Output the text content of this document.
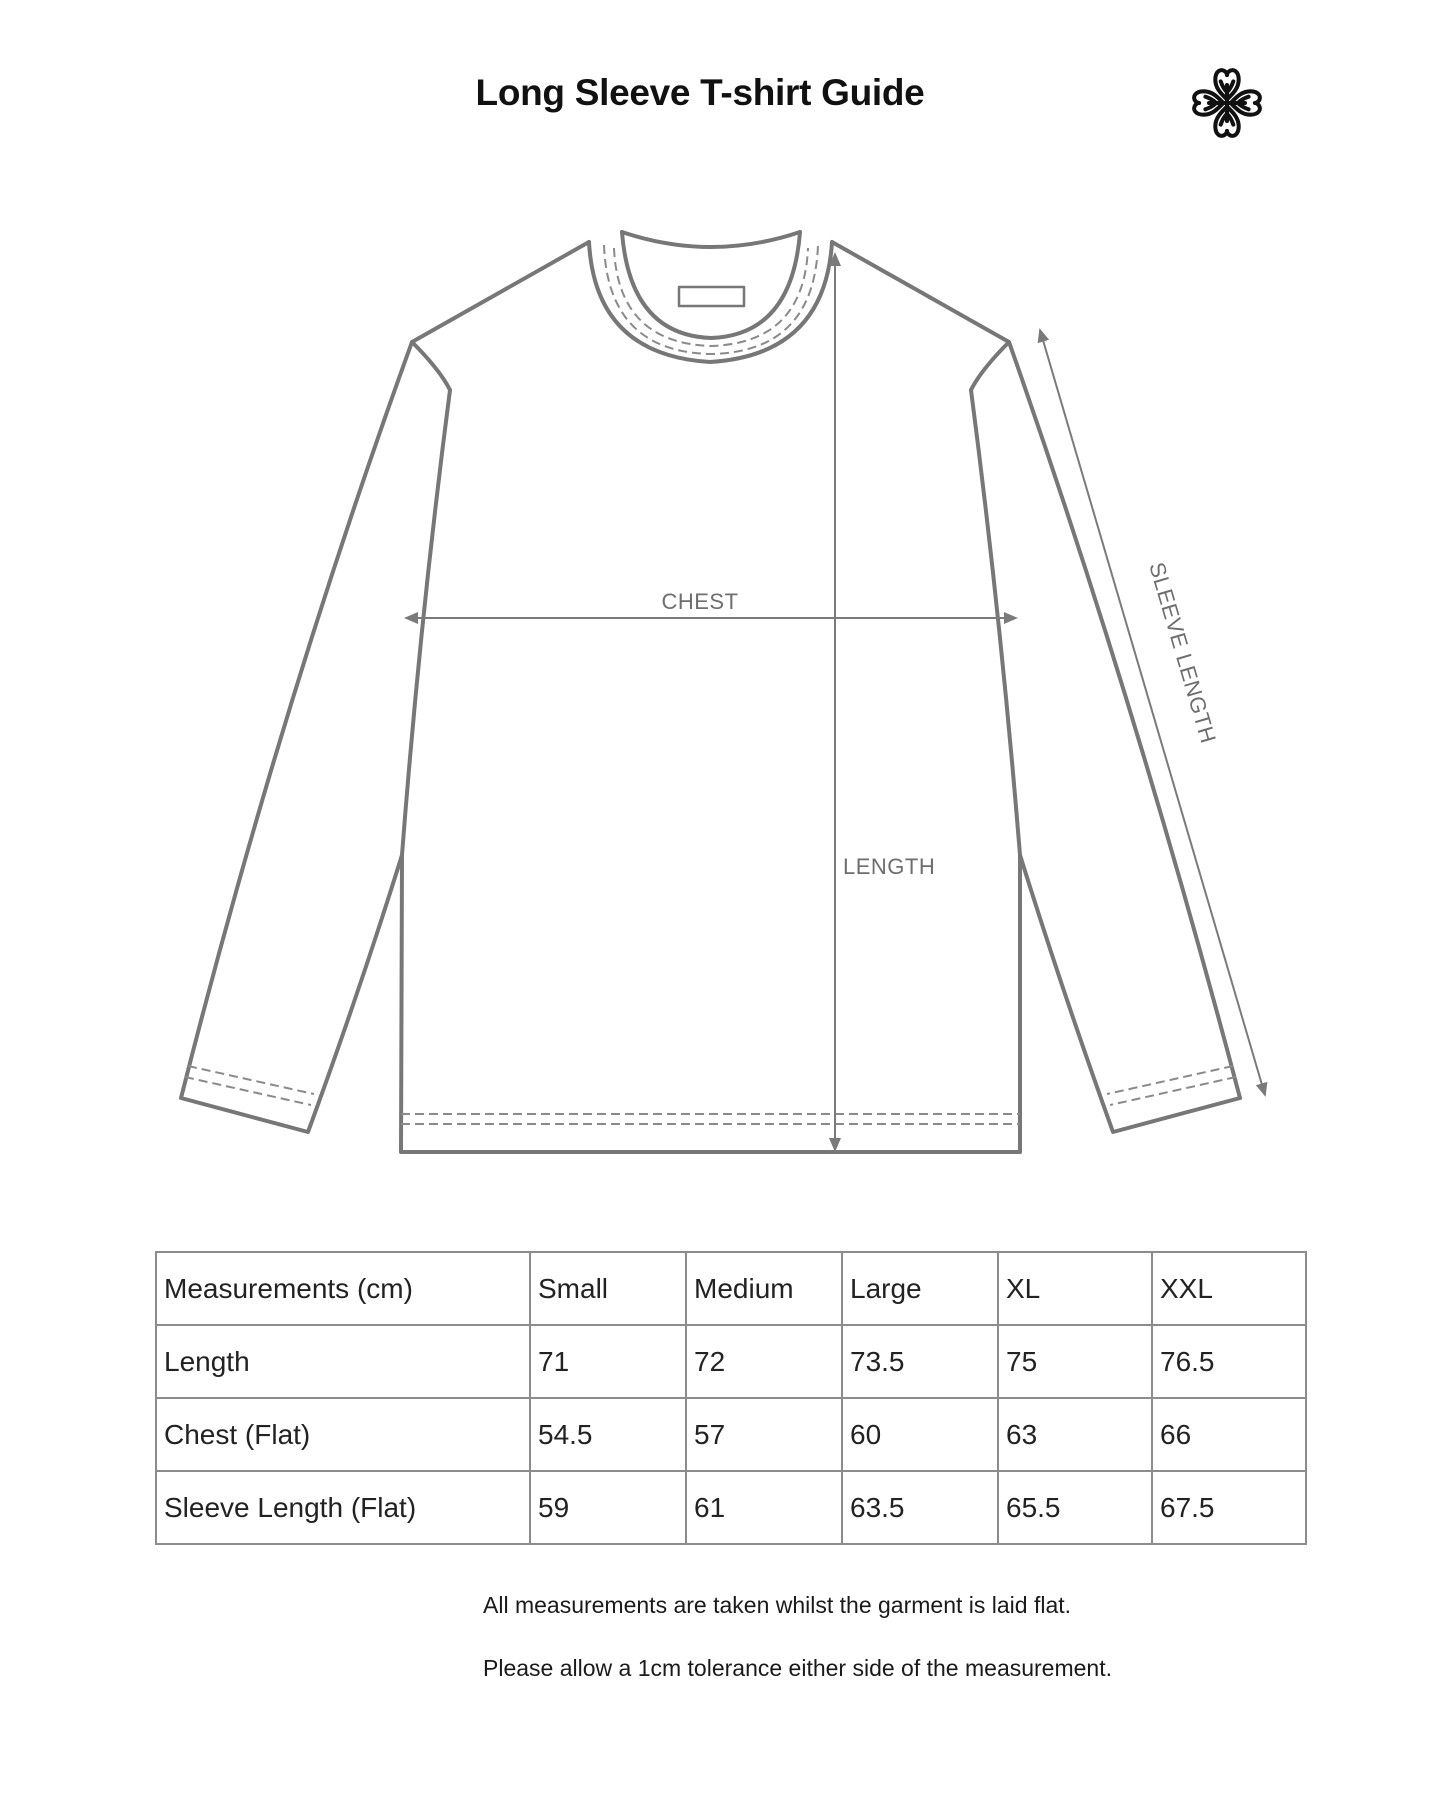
Long Sleeve T-shirt Guide
CHEST
LENGTH
SLEEVE LENGTH
Measurements (cm)	Small	Medium	Large	XL	XXL
Length	71	72	73.5	75	76.5
Chest (Flat)	54.5	57	60	63	66
Sleeve Length (Flat)	59	61	63.5	65.5	67.5
All measurements are taken whilst the garment is laid flat.
Please allow a 1cm tolerance either side of the measurement.
